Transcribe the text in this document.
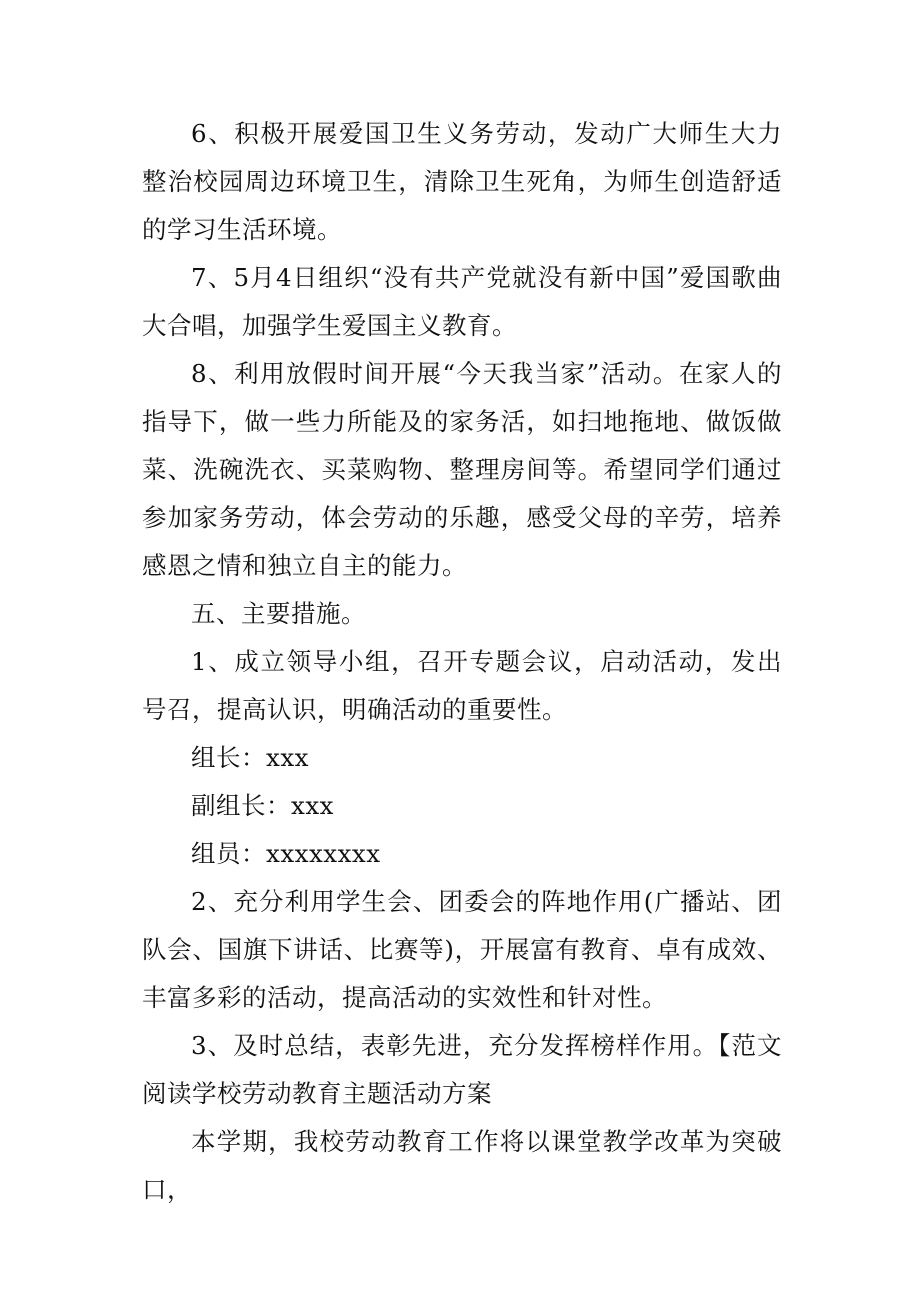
6、积极开展爱国卫生义务劳动，发动广大师生大力整治校园周边环境卫生，清除卫生死角，为师生创造舒适的学习生活环境。

7、5月4日组织“没有共产党就没有新中国”爱国歌曲大合唱，加强学生爱国主义教育。

8、利用放假时间开展“今天我当家”活动。在家人的指导下，做一些力所能及的家务活，如扫地拖地、做饭做菜、洗碗洗衣、买菜购物、整理房间等。希望同学们通过参加家务劳动，体会劳动的乐趣，感受父母的辛劳，培养感恩之情和独立自主的能力。

五、主要措施。

1、成立领导小组，召开专题会议，启动活动，发出号召，提高认识，明确活动的重要性。

组长：xxx

副组长：xxx

组员：xxxxxxxx

2、充分利用学生会、团委会的阵地作用(广播站、团队会、国旗下讲话、比赛等)，开展富有教育、卓有成效、丰富多彩的活动，提高活动的实效性和针对性。

3、及时总结，表彰先进，充分发挥榜样作用。【范文阅读学校劳动教育主题活动方案

本学期，我校劳动教育工作将以课堂教学改革为突破口，
